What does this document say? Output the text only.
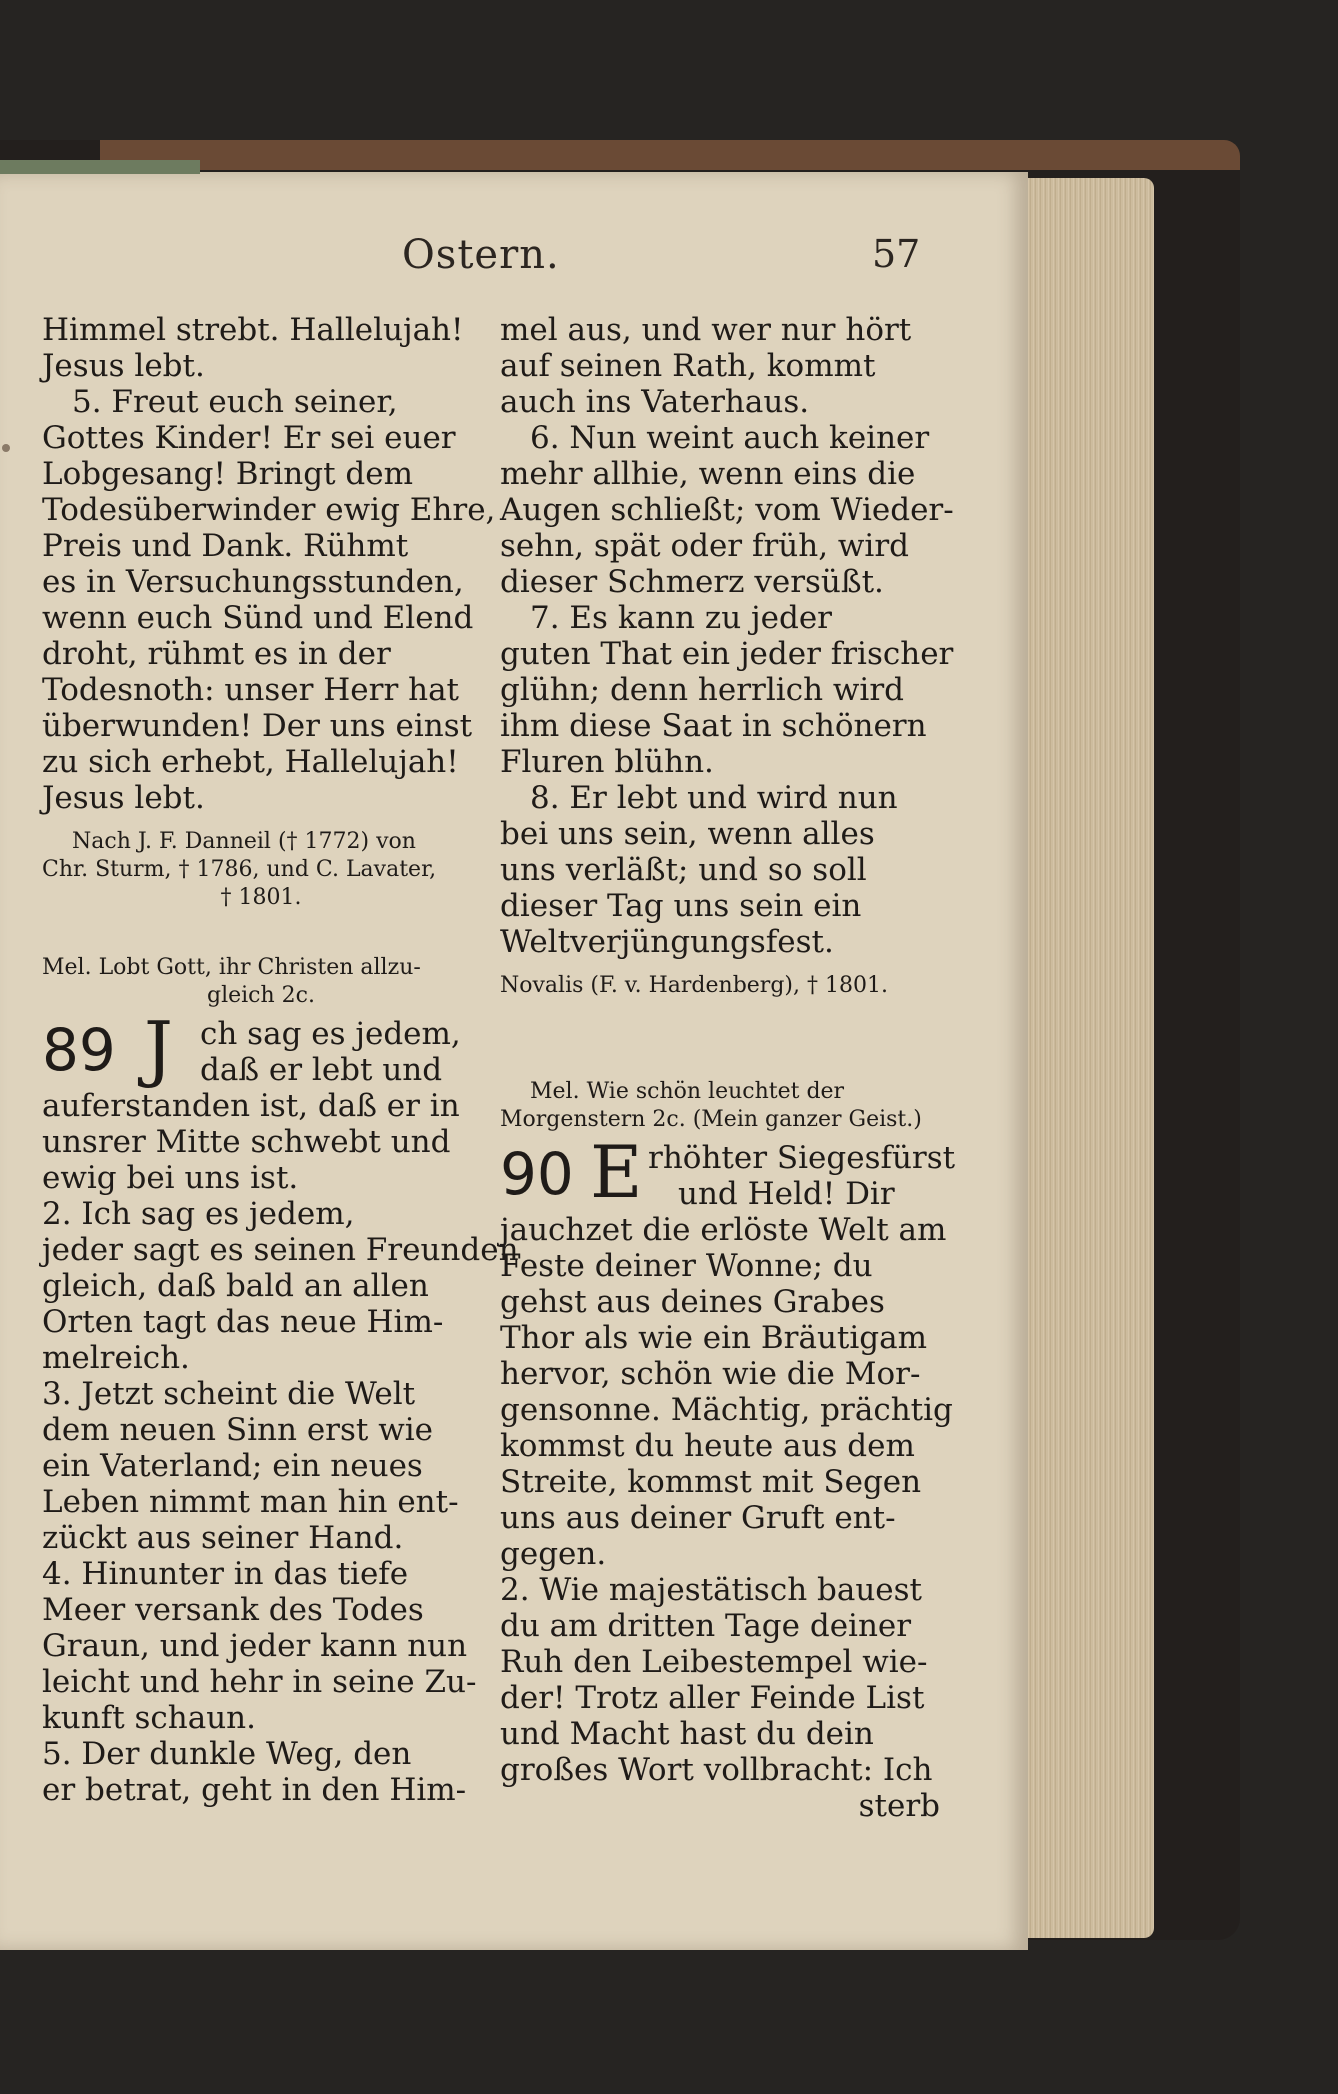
Ostern.	57
Himmel strebt. Hallelujah!
Jesus lebt.
5. Freut euch seiner,
Gottes Kinder! Er sei euer
Lobgesang! Bringt dem
Todesüberwinder ewig Ehre,
Preis und Dank. Rühmt
es in Versuchungsstunden,
wenn euch Sünd und Elend
droht, rühmt es in der
Todesnoth: unser Herr hat
überwunden! Der uns einst
zu sich erhebt, Hallelujah!
Jesus lebt.
Nach J. F. Danneil († 1772) von
Chr. Sturm, † 1786, und C. Lavater,
† 1801.
Mel. Lobt Gott, ihr Christen allzu-
gleich 2c.
89 J ch sag es jedem,
daß er lebt und
auferstanden ist, daß er in
unsrer Mitte schwebt und
ewig bei uns ist.
2. Ich sag es jedem,
jeder sagt es seinen Freunden
gleich, daß bald an allen
Orten tagt das neue Him-
melreich.
3. Jetzt scheint die Welt
dem neuen Sinn erst wie
ein Vaterland; ein neues
Leben nimmt man hin ent-
zückt aus seiner Hand.
4. Hinunter in das tiefe
Meer versank des Todes
Graun, und jeder kann nun
leicht und hehr in seine Zu-
kunft schaun.
5. Der dunkle Weg, den
er betrat, geht in den Him-
mel aus, und wer nur hört
auf seinen Rath, kommt
auch ins Vaterhaus.
6. Nun weint auch keiner
mehr allhie, wenn eins die
Augen schließt; vom Wieder-
sehn, spät oder früh, wird
dieser Schmerz versüßt.
7. Es kann zu jeder
guten That ein jeder frischer
glühn; denn herrlich wird
ihm diese Saat in schönern
Fluren blühn.
8. Er lebt und wird nun
bei uns sein, wenn alles
uns verläßt; und so soll
dieser Tag uns sein ein
Weltverjüngungsfest.
Novalis (F. v. Hardenberg), † 1801.
Mel. Wie schön leuchtet der
Morgenstern 2c. (Mein ganzer Geist.)
90 E rhöhter Siegesfürst
und Held! Dir
jauchzet die erlöste Welt am
Feste deiner Wonne; du
gehst aus deines Grabes
Thor als wie ein Bräutigam
hervor, schön wie die Mor-
gensonne. Mächtig, prächtig
kommst du heute aus dem
Streite, kommst mit Segen
uns aus deiner Gruft ent-
gegen.
2. Wie majestätisch bauest
du am dritten Tage deiner
Ruh den Leibestempel wie-
der! Trotz aller Feinde List
und Macht hast du dein
großes Wort vollbracht: Ich
sterb
